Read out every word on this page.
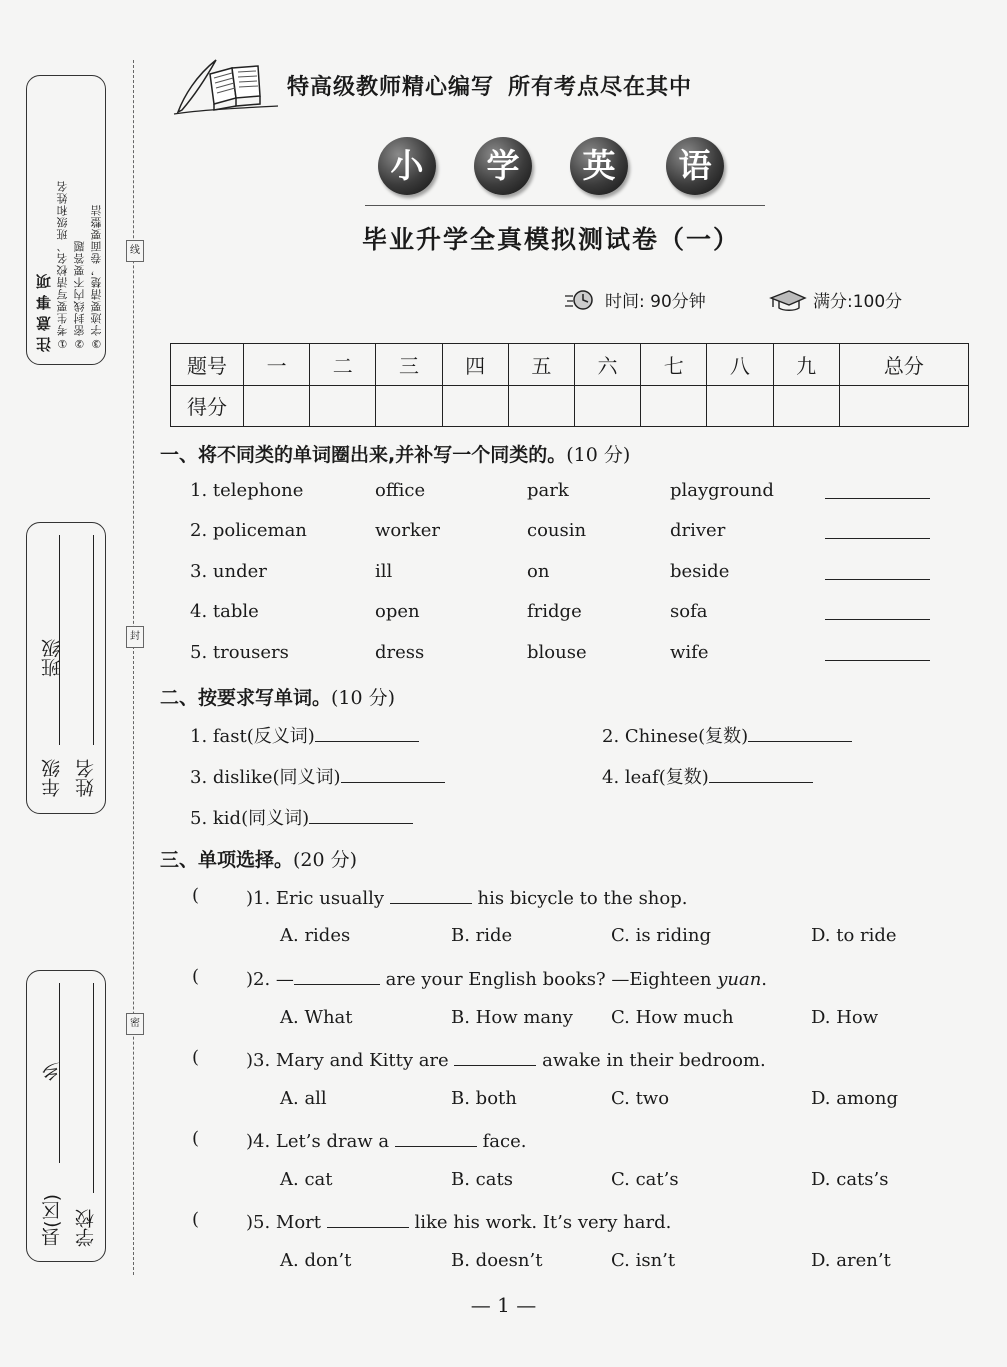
线
封
密
注意事项 ①考生要写清校名、班级和姓名 ②密封线内不要答题 ③字迹要清楚，卷面要整洁
年级
班级
姓名
县(区)
乡
学校
特高级教师精心编写 所有考点尽在其中
小	学	英	语
毕业升学全真模拟测试卷（一）
时间: 90分钟	满分:100分
题号	一	二	三	四	五	六	七	八	九	总分
得分										
一、将不同类的单词圈出来,并补写一个同类的。(10 分)
1. telephone	office	park	playground
2. policeman	worker	cousin	driver
3. under	ill	on	beside
4. table	open	fridge	sofa
5. trousers	dress	blouse	wife
二、按要求写单词。(10 分)
1. fast(反义词)	2. Chinese(复数)
3. dislike(同义词)	4. leaf(复数)
5. kid(同义词)
三、单项选择。(20 分)
(	)1. Eric usually	his bicycle to the shop.
A. rides	B. ride	C. is riding	D. to ride
(	)2. —	are your English books? —Eighteen yuan.
A. What	B. How many C. How much	D. How
(	)3. Mary and Kitty are	awake in their bedroom.
A. all	B. both	C. two	D. among
(	)4. Let’s draw a	face.
A. cat	B. cats	C. cat’s	D. cats’s
(	)5. Mort	like his work. It’s very hard.
A. don’t	B. doesn’t	C. isn’t	D. aren’t
— 1 —
